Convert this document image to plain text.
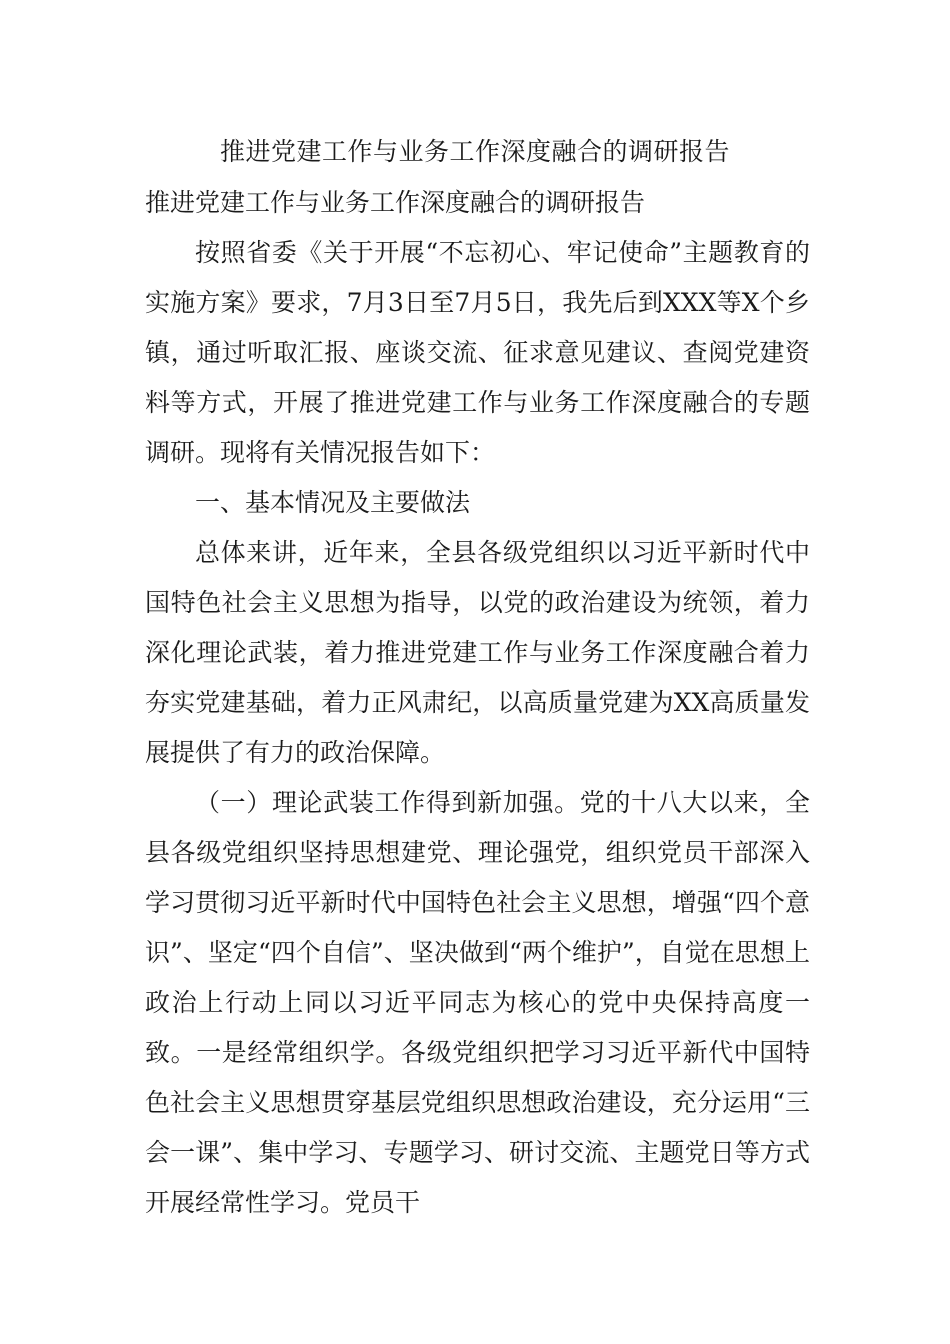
推进党建工作与业务工作深度融合的调研报告

推进党建工作与业务工作深度融合的调研报告

按照省委《关于开展“不忘初心、牢记使命”主题教育的实施方案》要求，7月3日至7月5日，我先后到XXX等X个乡镇，通过听取汇报、座谈交流、征求意见建议、查阅党建资料等方式，开展了推进党建工作与业务工作深度融合的专题调研。现将有关情况报告如下：

一、基本情况及主要做法

总体来讲，近年来，全县各级党组织以习近平新时代中国特色社会主义思想为指导，以党的政治建设为统领，着力深化理论武装，着力推进党建工作与业务工作深度融合着力夯实党建基础，着力正风肃纪，以高质量党建为XX高质量发展提供了有力的政治保障。

（一）理论武装工作得到新加强。党的十八大以来，全县各级党组织坚持思想建党、理论强党，组织党员干部深入学习贯彻习近平新时代中国特色社会主义思想，增强“四个意识”、坚定“四个自信”、坚决做到“两个维护”，自觉在思想上政治上行动上同以习近平同志为核心的党中央保持高度一致。一是经常组织学。各级党组织把学习习近平新代中国特色社会主义思想贯穿基层党组织思想政治建设，充分运用“三会一课”、集中学习、专题学习、研讨交流、主题党日等方式开展经常性学习。党员干
